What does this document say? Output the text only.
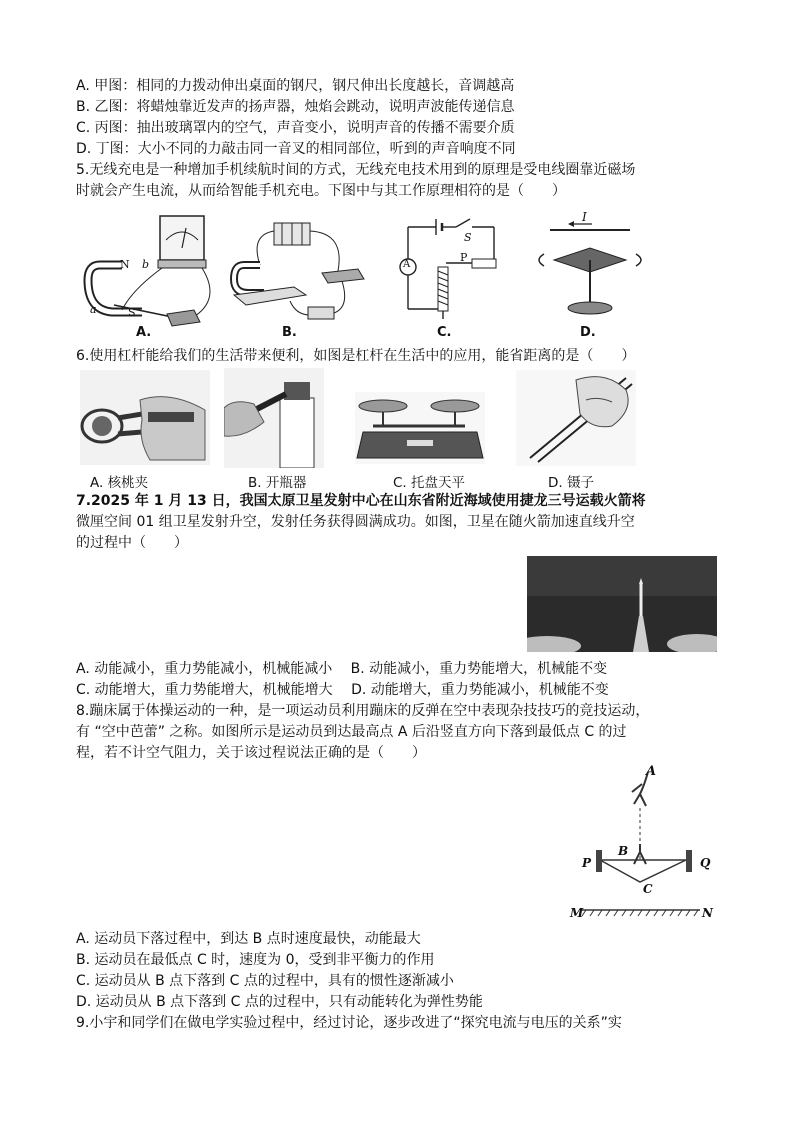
A. 甲图：相同的力拨动伸出桌面的钢尺，钢尺伸出长度越长，音调越高
B. 乙图：将蜡烛靠近发声的扬声器，烛焰会跳动，说明声波能传递信息
C. 丙图：抽出玻璃罩内的空气，声音变小，说明声音的传播不需要介质
D. 丁图：大小不同的力敲击同一音叉的相同部位，听到的声音响度不同
5.无线充电是一种增加手机续航时间的方式，无线充电技术用到的原理是受电线圈靠近磁场
时就会产生电流，从而给智能手机充电。下图中与其工作原理相符的是（　　）
N b
a	S
A.	B.
A
S
P
C.
I
D.
6.使用杠杆能给我们的生活带来便利，如图是杠杆在生活中的应用，能省距离的是（　　）
A. 核桃夹	B. 开瓶器	C. 托盘天平	D. 镊子
7.2025 年 1 月 13 日，我国太原卫星发射中心在山东省附近海域使用捷龙三号运载火箭将
微厘空间 01 组卫星发射升空，发射任务获得圆满成功。如图，卫星在随火箭加速直线升空
的过程中（　　）
A. 动能减小，重力势能减小，机械能减小　 B. 动能减小，重力势能增大，机械能不变
C. 动能增大，重力势能增大，机械能增大　 D. 动能增大，重力势能减小，机械能不变
8.蹦床属于体操运动的一种，是一项运动员利用蹦床的反弹在空中表现杂技技巧的竞技运动，
有 “空中芭蕾” 之称。如图所示是运动员到达最高点 A 后沿竖直方向下落到最低点 C 的过
程，若不计空气阻力，关于该过程说法正确的是（　　）
A
B
C
P	Q
M	N
A. 运动员下落过程中，到达 B 点时速度最快，动能最大
B. 运动员在最低点 C 时，速度为 0，受到非平衡力的作用
C. 运动员从 B 点下落到 C 点的过程中，具有的惯性逐渐减小
D. 运动员从 B 点下落到 C 点的过程中，只有动能转化为弹性势能
9.小宇和同学们在做电学实验过程中，经过讨论，逐步改进了“探究电流与电压的关系”实
